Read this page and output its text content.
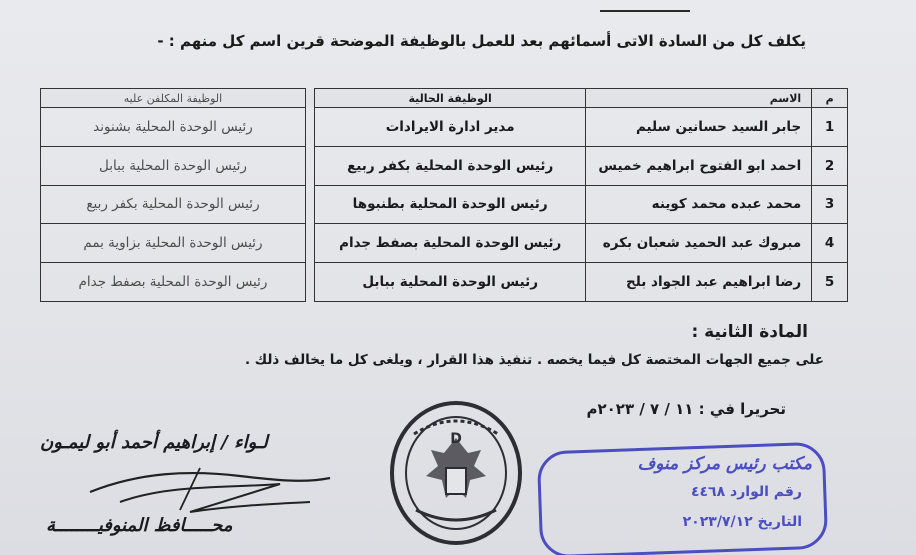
يكلف كل من السادة الاتى أسمائهم بعد للعمل بالوظيفة الموضحة قرين اسم كل منهم : -
م	الاسم	الوظيفة الحالية		الوظيفة المكلفن عليه
1	جابر السيد حسانين سليم	مدير ادارة الايرادات		رئيس الوحدة المحلية بشنوند
2	احمد ابو الفتوح ابراهيم خميس	رئيس الوحدة المحلية بكفر ربيع		رئيس الوحدة المحلية ببابل
3	محمد عبده محمد كوينه	رئيس الوحدة المحلية بطنبوها		رئيس الوحدة المحلية بكفر ربيع
4	مبروك عبد الحميد شعبان بكره	رئيس الوحدة المحلية بصفط جدام		رئيس الوحدة المحلية بزاوية بمم
5	رضا ابراهيم عبد الجواد بلح	رئيس الوحدة المحلية ببابل		رئيس الوحدة المحلية بصفط جدام
المادة الثانية :
على جميع الجهات المختصة كل فيما يخصه . تنفيذ هذا القرار ، ويلغى كل ما يخالف ذلك .
تحريرا في : ١١ / ٧ / ٢٠٢٣م
لـواء / إبراهيم أحمد أبو ليمـون
محـــــافظ المنوفيــــــــة
D
مكتب رئيس مركز منوف
رقم الوارد ٤٤٦٨
التاريخ ٢٠٢٣/٧/١٢
